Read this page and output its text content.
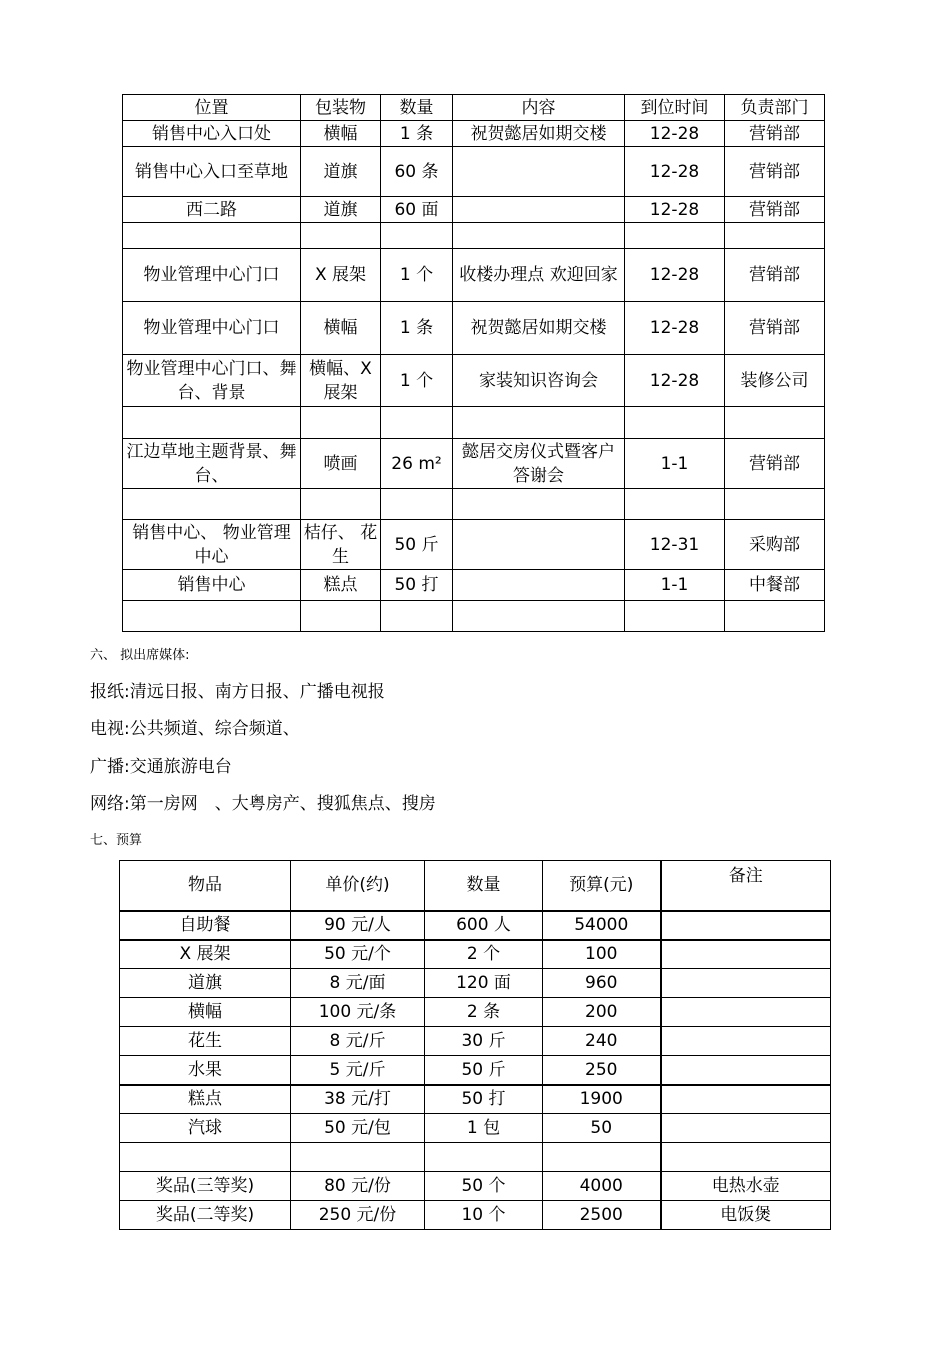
位置	包装物	数量	内容	到位时间	负责部门
销售中心入口处	横幅	1 条	祝贺懿居如期交楼	12-28	营销部
销售中心入口至草地	道旗	60 条		12-28	营销部
西二路	道旗	60 面		12-28	营销部

物业管理中心门口	X 展架	1 个	收楼办理点 欢迎回家	12-28	营销部
物业管理中心门口	横幅	1 条	祝贺懿居如期交楼	12-28	营销部
物业管理中心门口、舞台、背景	横幅、X 展架	1 个	家装知识咨询会	12-28	装修公司

江边草地主题背景、舞台、	喷画	26 m²	懿居交房仪式暨客户答谢会	1-1	营销部

销售中心、 物业管理中心	桔仔、 花生	50 斤		12-31	采购部
销售中心	糕点	50 打		1-1	中餐部

六、 拟出席媒体:
报纸:清远日报、南方日报、广播电视报
电视:公共频道、综合频道、
广播:交通旅游电台
网络:第一房网　、大粤房产、搜狐焦点、搜房
七、预算
物品	单价(约)	数量	预算(元)	备注
自助餐	90 元/人	600 人	54000	
X 展架	50 元/个	2 个	100	
道旗	8 元/面	120 面	960	
横幅	100 元/条	2 条	200	
花生	8 元/斤	30 斤	240	
水果	5 元/斤	50 斤	250	
糕点	38 元/打	50 打	1900	
汽球	50 元/包	1 包	50	

奖品(三等奖)	80 元/份	50 个	4000	电热水壶
奖品(二等奖)	250 元/份	10 个	2500	电饭煲
